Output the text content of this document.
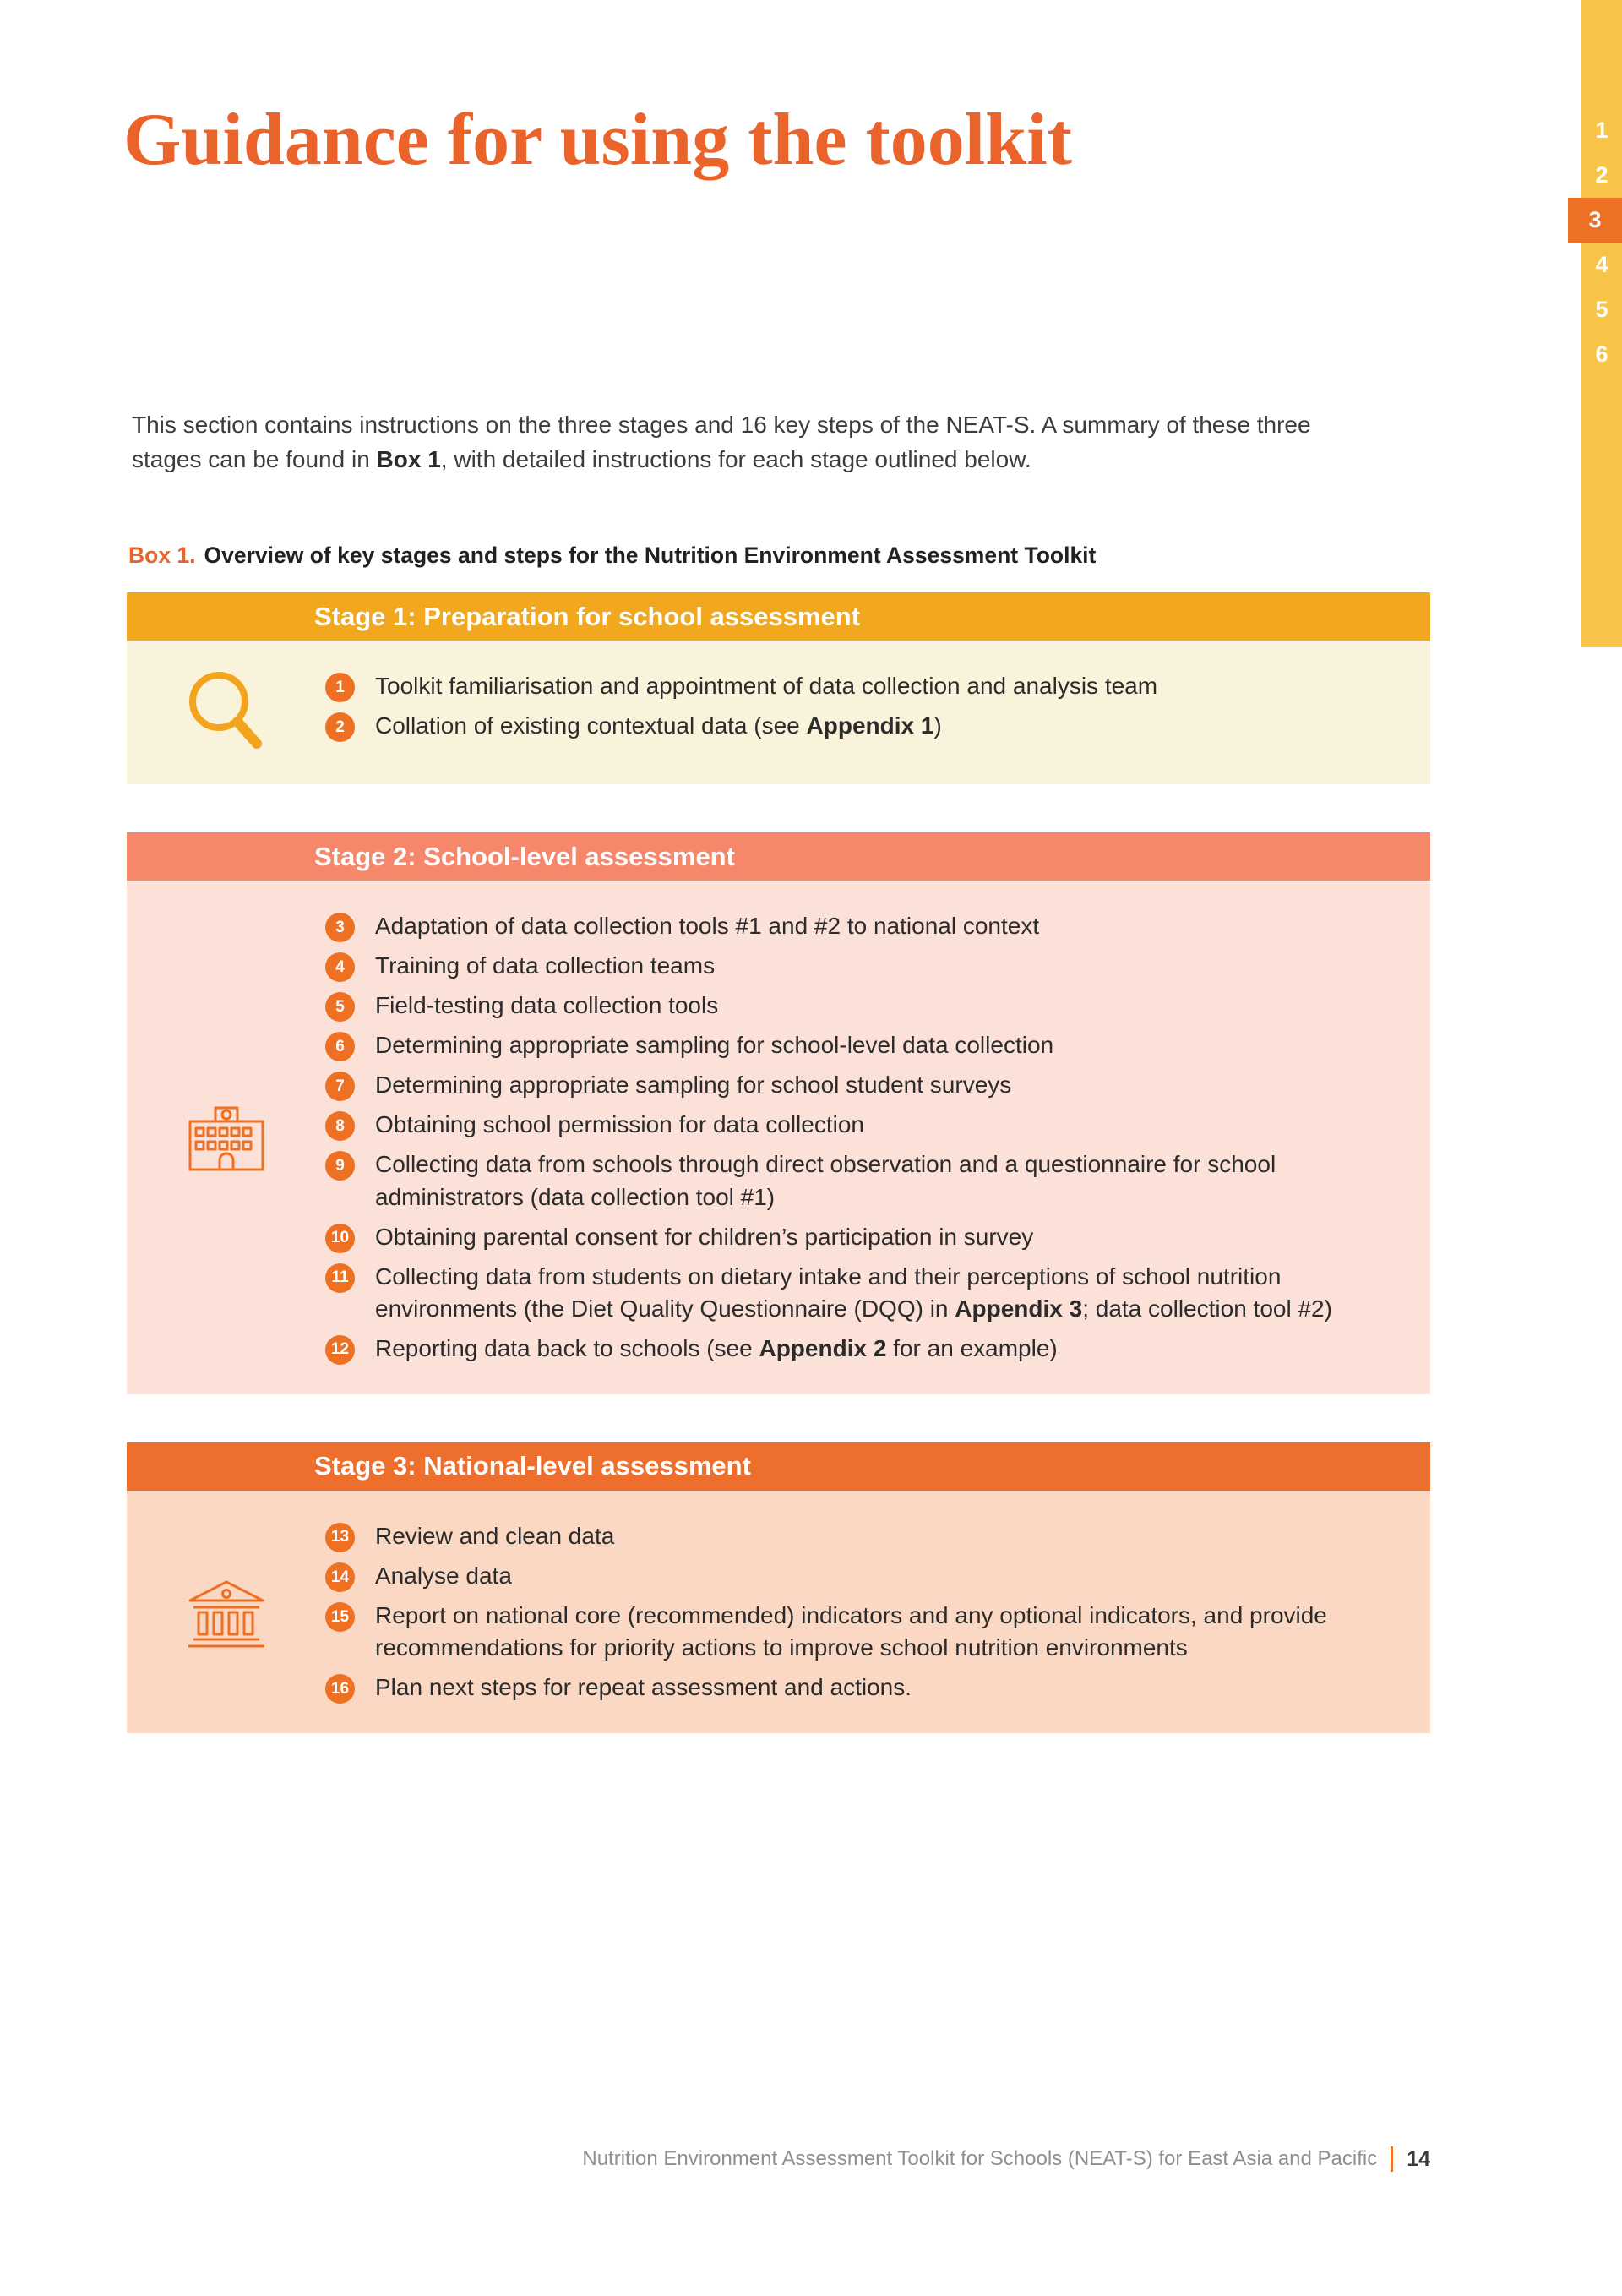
1
2
3
4
5
6
Guidance for using the toolkit

This section contains instructions on the three stages and 16 key steps of the NEAT-S. A summary of these three stages can be found in Box 1, with detailed instructions for each stage outlined below.

Box 1. Overview of key stages and steps for the Nutrition Environment Assessment Toolkit
Stage 1: Preparation for school assessment
1	Toolkit familiarisation and appointment of data collection and analysis team
2	Collation of existing contextual data (see Appendix 1)
Stage 2: School-level assessment
3	Adaptation of data collection tools #1 and #2 to national context
4	Training of data collection teams
5	Field-testing data collection tools
6	Determining appropriate sampling for school-level data collection
7	Determining appropriate sampling for school student surveys
8	Obtaining school permission for data collection
9	Collecting data from schools through direct observation and a questionnaire for school administrators (data collection tool #1)
10 Obtaining parental consent for children’s participation in survey
11 Collecting data from students on dietary intake and their perceptions of school nutrition environments (the Diet Quality Questionnaire (DQQ) in Appendix 3; data collection tool #2)
12 Reporting data back to schools (see Appendix 2 for an example)
Stage 3: National-level assessment
13 Review and clean data
14 Analyse data
15 Report on national core (recommended) indicators and any optional indicators, and provide recommendations for priority actions to improve school nutrition environments
16 Plan next steps for repeat assessment and actions.
Nutrition Environment Assessment Toolkit for Schools (NEAT-S) for East Asia and Pacific 14
